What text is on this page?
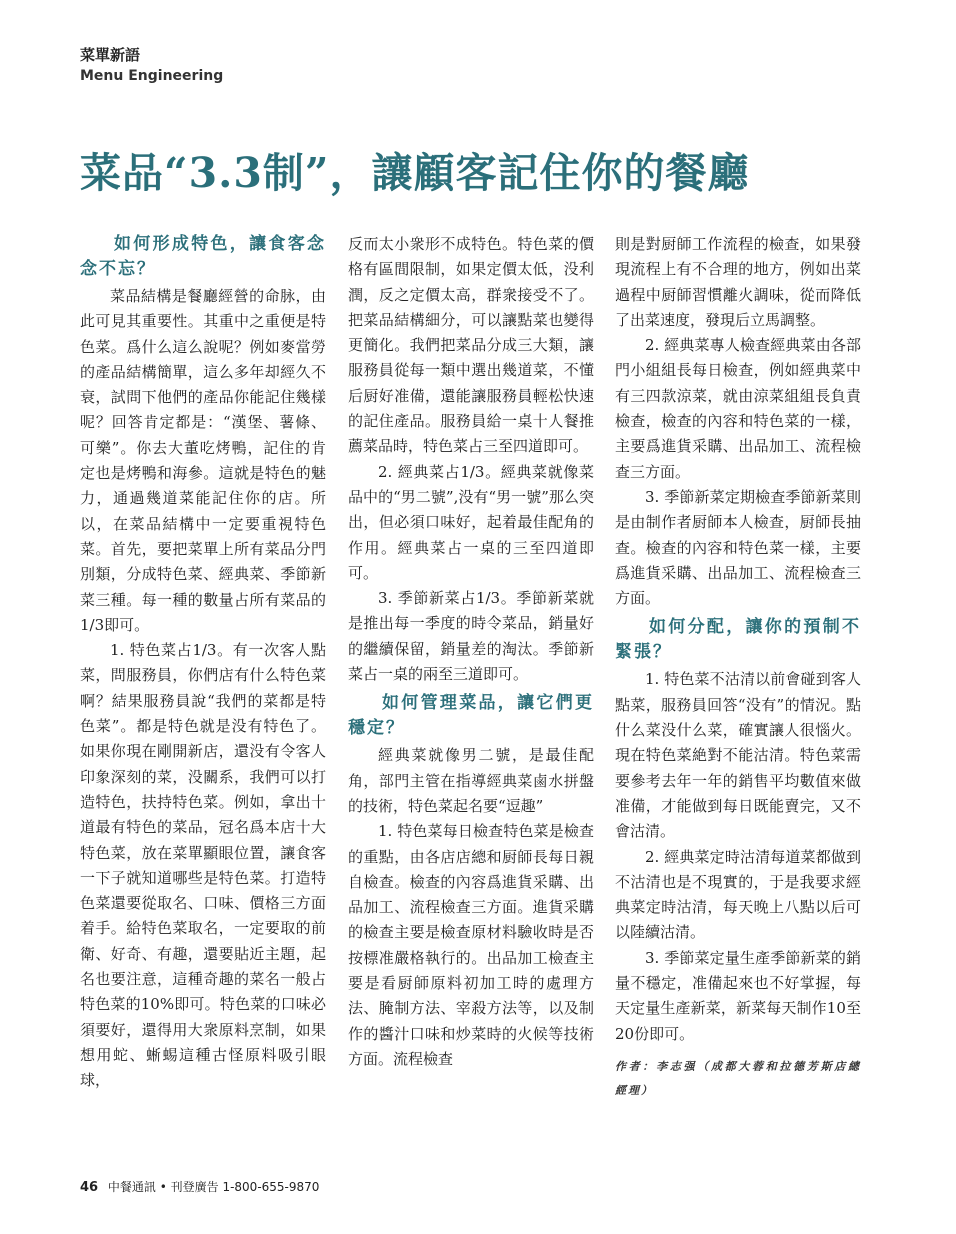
菜單新語
Menu Engineering
菜品“3.3制”，讓顧客記住你的餐廳
如何形成特色，讓食客念念不忘？

菜品結構是餐廳經營的命脉，由此可見其重要性。其重中之重便是特色菜。爲什么這么說呢？例如麥當勞的產品結構簡單，這么多年却經久不衰，試問下他們的產品你能記住幾樣呢？回答肯定都是：“漢堡、薯條、可樂”。你去大董吃烤鴨，記住的肯定也是烤鴨和海參。這就是特色的魅力，通過幾道菜能記住你的店。所以，在菜品結構中一定要重視特色菜。首先，要把菜單上所有菜品分門別類，分成特色菜、經典菜、季節新菜三種。每一種的數量占所有菜品的1/3即可。

1. 特色菜占1/3。有一次客人點菜，問服務員，你們店有什么特色菜啊？結果服務員說“我們的菜都是特色菜”。都是特色就是没有特色了。如果你現在剛開新店，還没有令客人印象深刻的菜，没關系，我們可以打造特色，扶持特色菜。例如，拿出十道最有特色的菜品，冠名爲本店十大特色菜，放在菜單顯眼位置，讓食客一下子就知道哪些是特色菜。打造特色菜還要從取名、口味、價格三方面着手。給特色菜取名，一定要取的前衛、好奇、有趣，還要貼近主題，起名也要注意，這種奇趣的菜名一般占特色菜的10%即可。特色菜的口味必須要好，還得用大衆原料烹制，如果想用蛇、蜥蜴這種古怪原料吸引眼球，

反而太小衆形不成特色。特色菜的價格有區間限制，如果定價太低，没利潤，反之定價太高，群衆接受不了。把菜品結構細分，可以讓點菜也變得更簡化。我們把菜品分成三大類，讓服務員從每一類中選出幾道菜，不懂后厨好准備，還能讓服務員輕松快速的記住產品。服務員給一桌十人餐推薦菜品時，特色菜占三至四道即可。

2. 經典菜占1/3。經典菜就像菜品中的“男二號”,没有“男一號”那么突出，但必須口味好，起着最佳配角的作用。經典菜占一桌的三至四道即可。

3. 季節新菜占1/3。季節新菜就是推出每一季度的時令菜品，銷量好的繼續保留，銷量差的淘汰。季節新菜占一桌的兩至三道即可。

如何管理菜品，讓它們更穩定？

經典菜就像男二號，是最佳配角，部門主管在指導經典菜鹵水拼盤的技術，特色菜起名要“逗趣”

1. 特色菜每日檢查特色菜是檢查的重點，由各店店總和厨師長每日親自檢查。檢查的內容爲進貨采購、出品加工、流程檢查三方面。進貨采購的檢查主要是檢查原材料驗收時是否按標准嚴格執行的。出品加工檢查主要是看厨師原料初加工時的處理方法、腌制方法、宰殺方法等，以及制作的醬汁口味和炒菜時的火候等技術方面。流程檢查

則是對厨師工作流程的檢查，如果發現流程上有不合理的地方，例如出菜過程中厨師習慣離火調味，從而降低了出菜速度，發現后立馬調整。

2. 經典菜專人檢查經典菜由各部門小組組長每日檢查，例如經典菜中有三四款涼菜，就由涼菜組組長負責檢查，檢查的內容和特色菜的一樣，主要爲進貨采購、出品加工、流程檢查三方面。

3. 季節新菜定期檢查季節新菜則是由制作者厨師本人檢查，厨師長抽查。檢查的內容和特色菜一樣，主要爲進貨采購、出品加工、流程檢查三方面。

如何分配，讓你的預制不緊張？

1. 特色菜不沽清以前會碰到客人點菜，服務員回答“没有”的情況。點什么菜没什么菜，確實讓人很惱火。現在特色菜絶對不能沽清。特色菜需要參考去年一年的銷售平均數值來做准備，才能做到每日既能賣完，又不會沽清。

2. 經典菜定時沽清每道菜都做到不沽清也是不現實的，于是我要求經典菜定時沽清，每天晚上八點以后可以陸續沽清。

3. 季節菜定量生產季節新菜的銷量不穩定，准備起來也不好掌握，每天定量生產新菜，新菜每天制作10至20份即可。

作者：李志强（成都大蓉和拉德芳斯店總經理）
46 中餐通訊 • 刊登廣告 1-800-655-9870
